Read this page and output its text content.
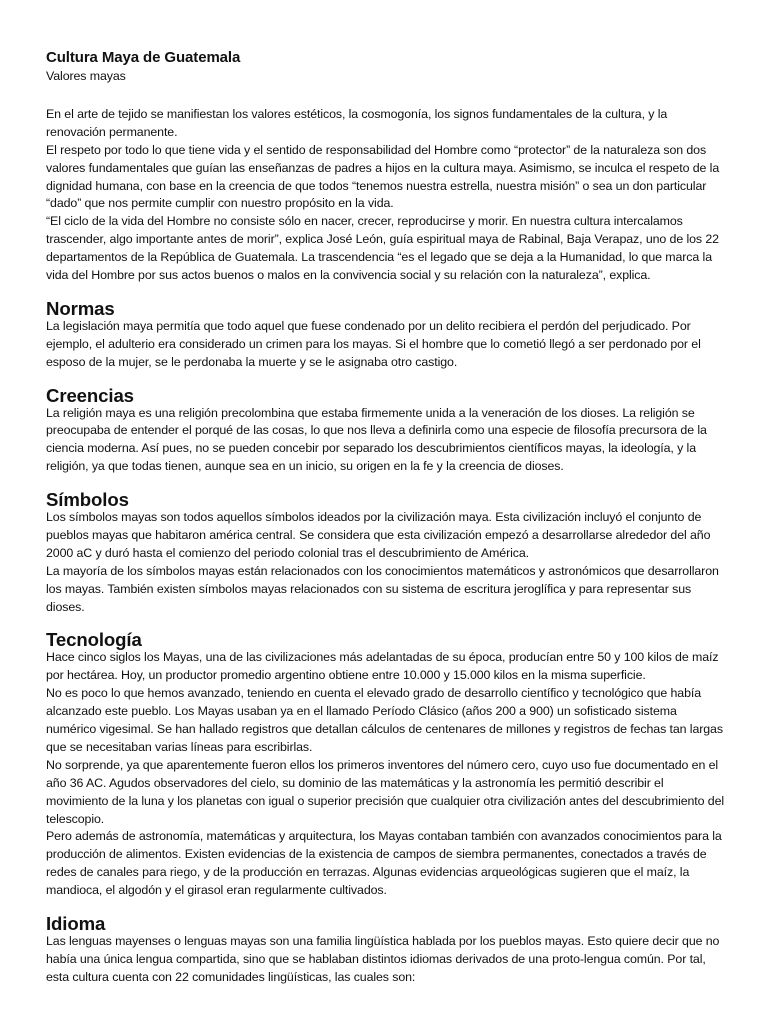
Cultura Maya de Guatemala

Valores mayas

En el arte de tejido se manifiestan los valores estéticos, la cosmogonía, los signos fundamentales de la cultura, y la renovación permanente.

El respeto por todo lo que tiene vida y el sentido de responsabilidad del Hombre como “protector” de la naturaleza son dos valores fundamentales que guían las enseñanzas de padres a hijos en la cultura maya. Asimismo, se inculca el respeto de la dignidad humana, con base en la creencia de que todos “tenemos nuestra estrella, nuestra misión” o sea un don particular “dado” que nos permite cumplir con nuestro propósito en la vida.

“El ciclo de la vida del Hombre no consiste sólo en nacer, crecer, reproducirse y morir. En nuestra cultura intercalamos trascender, algo importante antes de morir”, explica José León, guía espiritual maya de Rabinal, Baja Verapaz, uno de los 22 departamentos de la República de Guatemala. La trascendencia “es el legado que se deja a la Humanidad, lo que marca la vida del Hombre por sus actos buenos o malos en la convivencia social y su relación con la naturaleza”, explica.

Normas

La legislación maya permitía que todo aquel que fuese condenado por un delito recibiera el perdón del perjudicado. Por ejemplo, el adulterio era considerado un crimen para los mayas. Si el hombre que lo cometió llegó a ser perdonado por el esposo de la mujer, se le perdonaba la muerte y se le asignaba otro castigo.

Creencias

La religión maya es una religión precolombina que estaba firmemente unida a la veneración de los dioses. La religión se preocupaba de entender el porqué de las cosas, lo que nos lleva a definirla como una especie de filosofía precursora de la ciencia moderna. Así pues, no se pueden concebir por separado los descubrimientos científicos mayas, la ideología, y la religión, ya que todas tienen, aunque sea en un inicio, su origen en la fe y la creencia de dioses.

Símbolos

Los símbolos mayas son todos aquellos símbolos ideados por la civilización maya. Esta civilización incluyó el conjunto de pueblos mayas que habitaron américa central. Se considera que esta civilización empezó a desarrollarse alrededor del año 2000 aC y duró hasta el comienzo del periodo colonial tras el descubrimiento de América.

La mayoría de los símbolos mayas están relacionados con los conocimientos matemáticos y astronómicos que desarrollaron los mayas. También existen símbolos mayas relacionados con su sistema de escritura jeroglífica y para representar sus dioses.

Tecnología

Hace cinco siglos los Mayas, una de las civilizaciones más adelantadas de su época, producían entre 50 y 100 kilos de maíz por hectárea. Hoy, un productor promedio argentino obtiene entre 10.000 y 15.000 kilos en la misma superficie.

No es poco lo que hemos avanzado, teniendo en cuenta el elevado grado de desarrollo científico y tecnológico que había alcanzado este pueblo. Los Mayas usaban ya en el llamado Período Clásico (años 200 a 900) un sofisticado sistema numérico vigesimal. Se han hallado registros que detallan cálculos de centenares de millones y registros de fechas tan largas que se necesitaban varias líneas para escribirlas.

No sorprende, ya que aparentemente fueron ellos los primeros inventores del número cero, cuyo uso fue documentado en el año 36 AC. Agudos observadores del cielo, su dominio de las matemáticas y la astronomía les permitió describir el movimiento de la luna y los planetas con igual o superior precisión que cualquier otra civilización antes del descubrimiento del telescopio.

Pero además de astronomía, matemáticas y arquitectura, los Mayas contaban también con avanzados conocimientos para la producción de alimentos. Existen evidencias de la existencia de campos de siembra permanentes, conectados a través de redes de canales para riego, y de la producción en terrazas. Algunas evidencias arqueológicas sugieren que el maíz, la mandioca, el algodón y el girasol eran regularmente cultivados.

Idioma

Las lenguas mayenses o lenguas mayas son una familia lingüística hablada por los pueblos mayas. Esto quiere decir que no había una única lengua compartida, sino que se hablaban distintos idiomas derivados de una proto-lengua común. Por tal, esta cultura cuenta con 22 comunidades lingüísticas, las cuales son:
